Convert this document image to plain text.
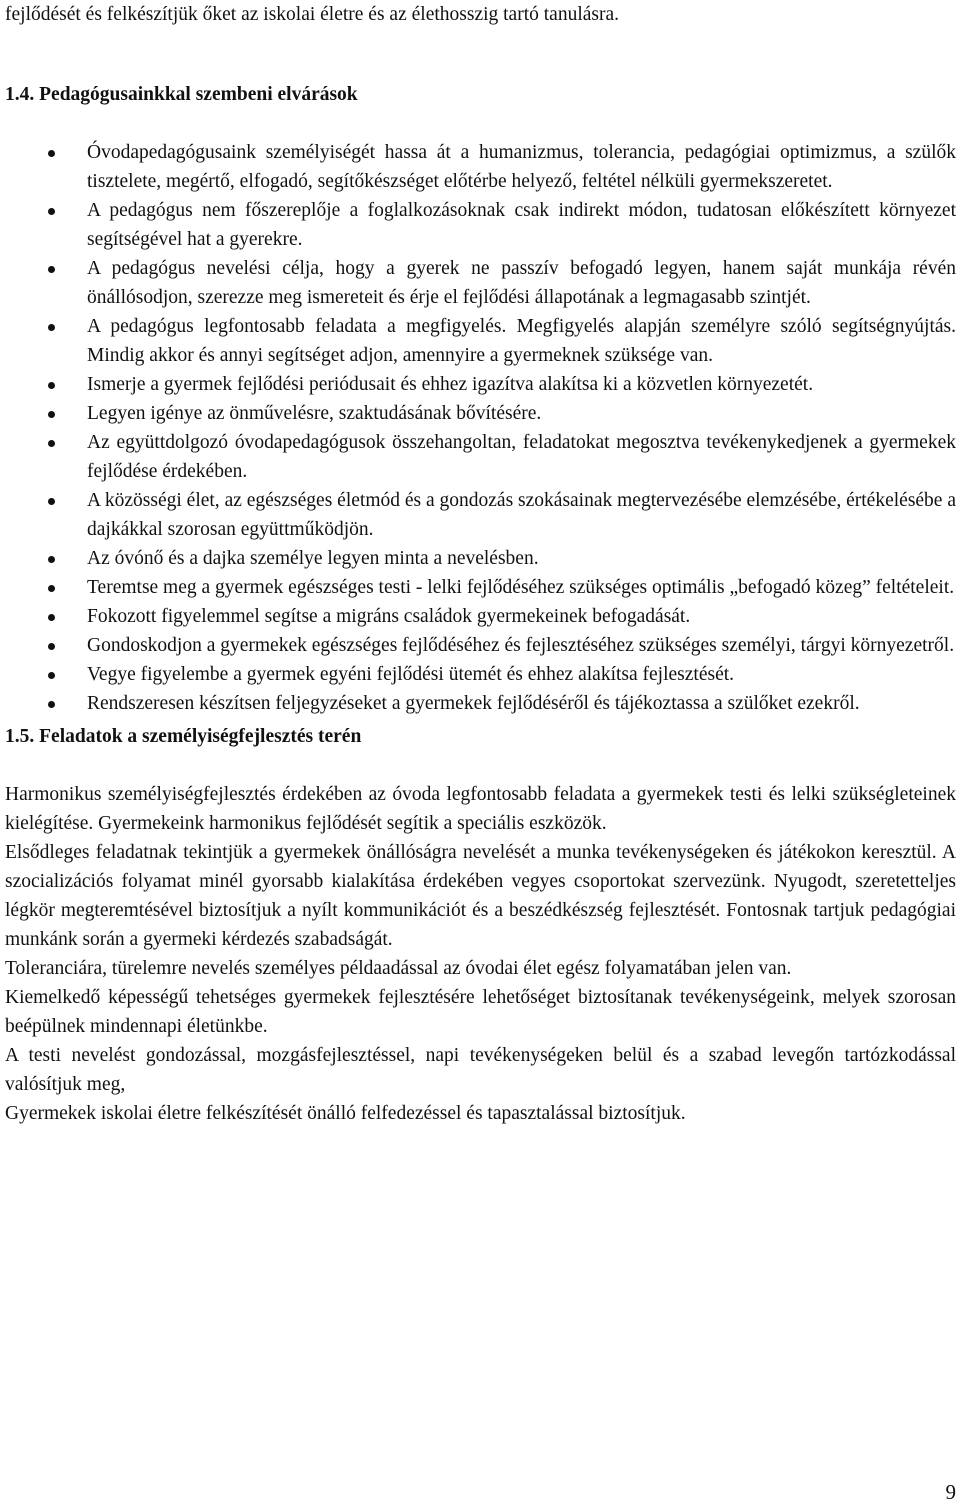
fejlődését és felkészítjük őket az iskolai életre és az élethosszig tartó tanulásra.

1.4. Pedagógusainkkal szembeni elvárások

Óvodapedagógusaink személyiségét hassa át a humanizmus, tolerancia, pedagógiai optimizmus, a szülők tisztelete, megértő, elfogadó, segítőkészséget előtérbe helyező, feltétel nélküli gyermekszeretet.
A pedagógus nem főszereplője a foglalkozásoknak csak indirekt módon, tudatosan előkészített környezet segítségével hat a gyerekre.
A pedagógus nevelési célja, hogy a gyerek ne passzív befogadó legyen, hanem saját munkája révén önállósodjon, szerezze meg ismereteit és érje el fejlődési állapotának a legmagasabb szintjét.
A pedagógus legfontosabb feladata a megfigyelés. Megfigyelés alapján személyre szóló segítségnyújtás. Mindig akkor és annyi segítséget adjon, amennyire a gyermeknek szüksége van.
Ismerje a gyermek fejlődési periódusait és ehhez igazítva alakítsa ki a közvetlen környezetét.
Legyen igénye az önművelésre, szaktudásának bővítésére.
Az együttdolgozó óvodapedagógusok összehangoltan, feladatokat megosztva tevékenykedjenek a gyermekek fejlődése érdekében.
A közösségi élet, az egészséges életmód és a gondozás szokásainak megtervezésébe elemzésébe, értékelésébe a dajkákkal szorosan együttműködjön.
Az óvónő és a dajka személye legyen minta a nevelésben.
Teremtse meg a gyermek egészséges testi - lelki fejlődéséhez szükséges optimális „befogadó közeg” feltételeit.
Fokozott figyelemmel segítse a migráns családok gyermekeinek befogadását.
Gondoskodjon a gyermekek egészséges fejlődéséhez és fejlesztéséhez szükséges személyi, tárgyi környezetről.
Vegye figyelembe a gyermek egyéni fejlődési ütemét és ehhez alakítsa fejlesztését.
Rendszeresen készítsen feljegyzéseket a gyermekek fejlődéséről és tájékoztassa a szülőket ezekről.

1.5. Feladatok a személyiségfejlesztés terén

Harmonikus személyiségfejlesztés érdekében az óvoda legfontosabb feladata a gyermekek testi és lelki szükségleteinek kielégítése. Gyermekeink harmonikus fejlődését segítik a speciális eszközök.

Elsődleges feladatnak tekintjük a gyermekek önállóságra nevelését a munka tevékenységeken és játékokon keresztül. A szocializációs folyamat minél gyorsabb kialakítása érdekében vegyes csoportokat szervezünk. Nyugodt, szeretetteljes légkör megteremtésével biztosítjuk a nyílt kommunikációt és a beszédkészség fejlesztését. Fontosnak tartjuk pedagógiai munkánk során a gyermeki kérdezés szabadságát.

Toleranciára, türelemre nevelés személyes példaadással az óvodai élet egész folyamatában jelen van.

Kiemelkedő képességű tehetséges gyermekek fejlesztésére lehetőséget biztosítanak tevékenységeink, melyek szorosan beépülnek mindennapi életünkbe.

A testi nevelést gondozással, mozgásfejlesztéssel, napi tevékenységeken belül és a szabad levegőn tartózkodással valósítjuk meg,

Gyermekek iskolai életre felkészítését önálló felfedezéssel és tapasztalással biztosítjuk.

9
